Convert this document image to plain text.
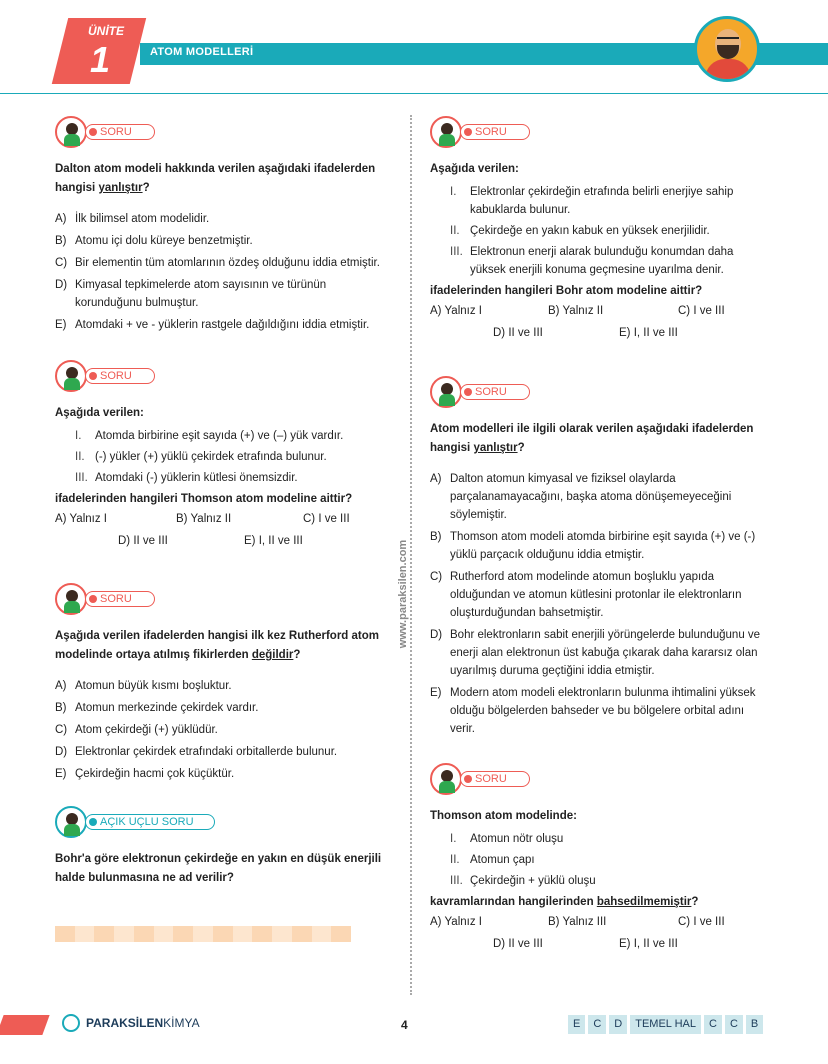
ATOM MODELLERİ
ÜNİTE
1
www.paraksilen.com
SORU
Dalton atom modeli hakkında verilen aşağıdaki ifadelerden hangisi yanlıştır?
A) İlk bilimsel atom modelidir.
B) Atomu içi dolu küreye benzetmiştir.
C) Bir elementin tüm atomlarının özdeş olduğunu iddia etmiştir.
D) Kimyasal tepkimelerde atom sayısının ve türünün korunduğunu bulmuştur.
E) Atomdaki + ve - yüklerin rastgele dağıldığını iddia etmiştir.
SORU
Aşağıda verilen:
I.	Atomda birbirine eşit sayıda (+) ve (–) yük vardır.
II. (-) yükler (+) yüklü çekirdek etrafında bulunur.
III. Atomdaki (-) yüklerin kütlesi önemsizdir.
ifadelerinden hangileri Thomson atom modeline aittir?
A) Yalnız I	B) Yalnız II	C) I ve III
D) II ve III	E) I, II ve III
SORU
Aşağıda verilen ifadelerden hangisi ilk kez Rutherford atom modelinde ortaya atılmış fikirlerden değildir?
A) Atomun büyük kısmı boşluktur.
B) Atomun merkezinde çekirdek vardır.
C) Atom çekirdeği (+) yüklüdür.
D) Elektronlar çekirdek etrafındaki orbitallerde bulunur.
E) Çekirdeğin hacmi çok küçüktür.
AÇIK UÇLU SORU
Bohr'a göre elektronun çekirdeğe en yakın en düşük enerjili halde bulunmasına ne ad verilir?
SORU
Aşağıda verilen:
I.	Elektronlar çekirdeğin etrafında belirli enerjiye sahip kabuklarda bulunur.
II. Çekirdeğe en yakın kabuk en yüksek enerjilidir.
III. Elektronun enerji alarak bulunduğu konumdan daha yüksek enerjili konuma geçmesine uyarılma denir.
ifadelerinden hangileri Bohr atom modeline aittir?
A) Yalnız I	B) Yalnız II	C) I ve III
D) II ve III	E) I, II ve III
SORU
Atom modelleri ile ilgili olarak verilen aşağıdaki ifadelerden hangisi yanlıştır?
A) Dalton atomun kimyasal ve fiziksel olaylarda parçalanamayacağını, başka atoma dönüşemeyeceğini söylemiştir.
B) Thomson atom modeli atomda birbirine eşit sayıda (+) ve (-) yüklü parçacık olduğunu iddia etmiştir.
C) Rutherford atom modelinde atomun boşluklu yapıda olduğundan ve atomun kütlesini protonlar ile elektronların oluşturduğundan bahsetmiştir.
D) Bohr elektronların sabit enerjili yörüngelerde bulunduğunu ve enerji alan elektronun üst kabuğa çıkarak daha kararsız olan uyarılmış duruma geçtiğini iddia etmiştir.
E) Modern atom modeli elektronların bulunma ihtimalini yüksek olduğu bölgelerden bahseder ve bu bölgelere orbital adını verir.
SORU
Thomson atom modelinde:
I.	Atomun nötr oluşu
II. Atomun çapı
III. Çekirdeğin + yüklü oluşu
kavramlarından hangilerinden bahsedilmemiştir?
A) Yalnız I	B) Yalnız III	C) I ve III
D) II ve III	E) I, II ve III
PARAKSİLENKİMYA	4	E	C	D	TEMEL HAL	C	C	B
